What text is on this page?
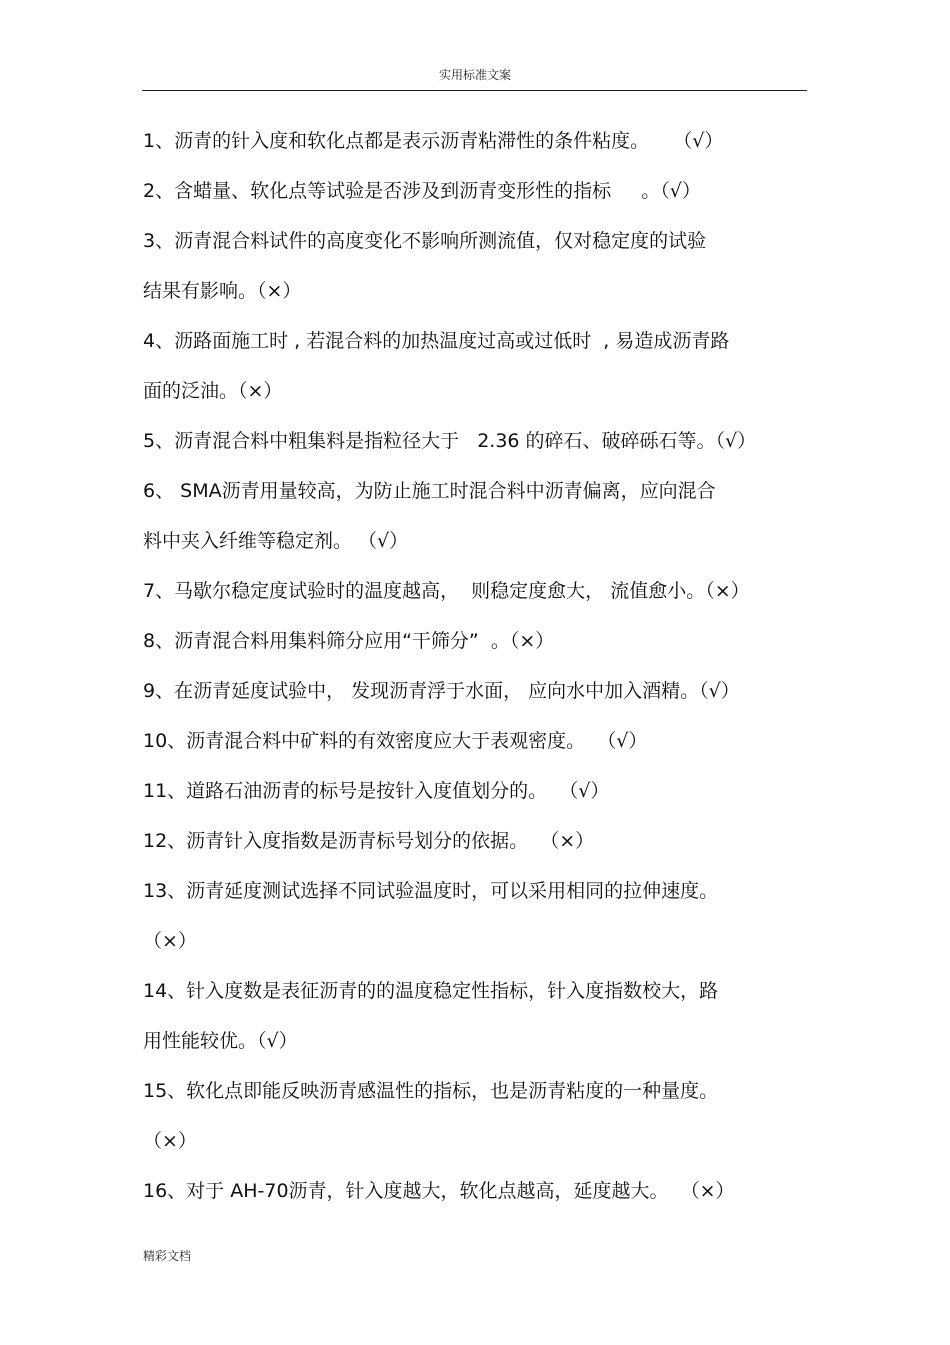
实用标准文案
1、沥青的针入度和软化点都是表示沥青粘滞性的条件粘度。    （√）
2、含蜡量、软化点等试验是否涉及到沥青变形性的指标     。（√）
3、沥青混合料试件的高度变化不影响所测流值，仅对稳定度的试验
结果有影响。（×）
4、沥路面施工时 , 若混合料的加热温度过高或过低时  , 易造成沥青路
面的泛油。（×）
5、沥青混合料中粗集料是指粒径大于   2.36 的碎石、破碎砾石等。（√）
6、 SMA沥青用量较高，为防止施工时混合料中沥青偏离，应向混合
料中夹入纤维等稳定剂。 （√）
7、马歇尔稳定度试验时的温度越高，  则稳定度愈大， 流值愈小。（×）
8、沥青混合料用集料筛分应用“干筛分”  。（×）
9、在沥青延度试验中， 发现沥青浮于水面， 应向水中加入酒精。（√）
10、沥青混合料中矿料的有效密度应大于表观密度。  （√）
11、道路石油沥青的标号是按针入度值划分的。  （√）
12、沥青针入度指数是沥青标号划分的依据。  （×）
13、沥青延度测试选择不同试验温度时，可以采用相同的拉伸速度。
（×）
14、针入度数是表征沥青的的温度稳定性指标，针入度指数校大，路
用性能较优。（√）
15、软化点即能反映沥青感温性的指标，也是沥青粘度的一种量度。
（×）
16、对于 AH-70沥青，针入度越大，软化点越高，延度越大。  （×）
精彩文档
